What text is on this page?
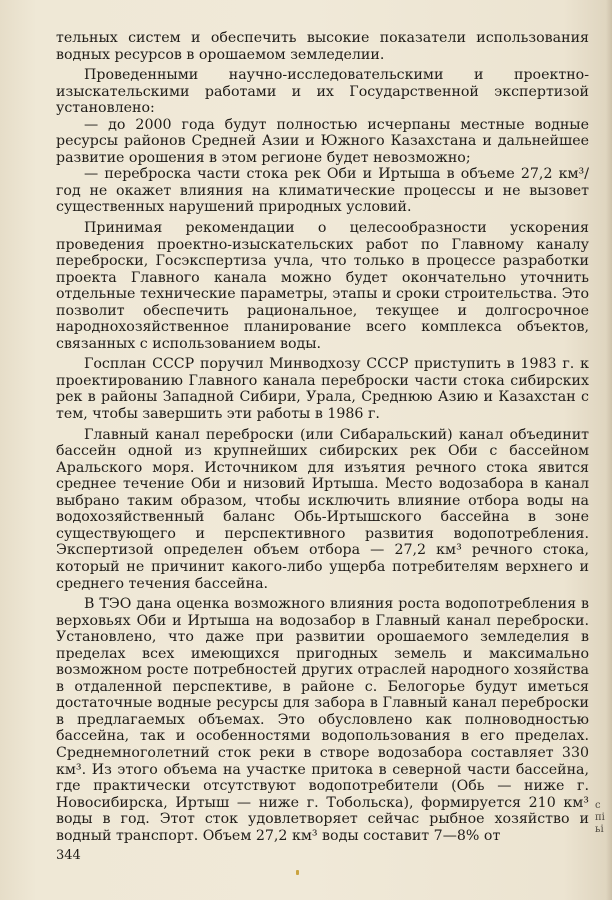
тельных систем и обеспечить высокие показатели использования водных ресурсов в орошаемом земледелии.

Проведенными научно-исследовательскими и проектно-изыскательскими работами и их Государственной экспертизой установлено:

— до 2000 года будут полностью исчерпаны местные водные ресурсы районов Средней Азии и Южного Казахстана и дальнейшее развитие орошения в этом регионе будет невозможно;

— переброска части стока рек Оби и Иртыша в объеме 27,2 км³/год не окажет влияния на климатические процессы и не вызовет существенных нарушений природных условий.

Принимая рекомендации о целесообразности ускорения проведения проектно-изыскательских работ по Главному каналу переброски, Госэкспертиза учла, что только в процессе разработки проекта Главного канала можно будет окончательно уточнить отдельные технические параметры, этапы и сроки строительства. Это позволит обеспечить рациональное, текущее и долгосрочное народнохозяйственное планирование всего комплекса объектов, связанных с использованием воды.

Госплан СССР поручил Минводхозу СССР приступить в 1983 г. к проектированию Главного канала переброски части стока сибирских рек в районы Западной Сибири, Урала, Среднюю Азию и Казахстан с тем, чтобы завершить эти работы в 1986 г.

Главный канал переброски (или Сибаральский) канал объединит бассейн одной из крупнейших сибирских рек Оби с бассейном Аральского моря. Источником для изъятия речного стока явится среднее течение Оби и низовий Иртыша. Место водозабора в канал выбрано таким образом, чтобы исключить влияние отбора воды на водохозяйственный баланс Обь-Иртышского бассейна в зоне существующего и перспективного развития водопотребления. Экспертизой определен объем отбора — 27,2 км³ речного стока, который не причинит какого-либо ущерба потребителям верхнего и среднего течения бассейна.

В ТЭО дана оценка возможного влияния роста водопотребления в верховьях Оби и Иртыша на водозабор в Главный канал переброски. Установлено, что даже при развитии орошаемого земледелия в пределах всех имеющихся пригодных земель и максимально возможном росте потребностей других отраслей народного хозяйства в отдаленной перспективе, в районе с. Белогорье будут иметься достаточные водные ресурсы для забора в Главный канал переброски в предлагаемых объемах. Это обусловлено как полноводностью бассейна, так и особенностями водопользования в его пределах. Среднемноголетний сток реки в створе водозабора составляет 330 км³. Из этого объема на участке притока в северной части бассейна, где практически отсутствуют водопотребители (Обь — ниже г. Новосибирска, Иртыш — ниже г. Тобольска), формируется 210 км³ воды в год. Этот сток удовлетворяет сейчас рыбное хозяйство и водный транспорт. Объем 27,2 км³ воды составит 7—8% от

344
с
пі
ьі
